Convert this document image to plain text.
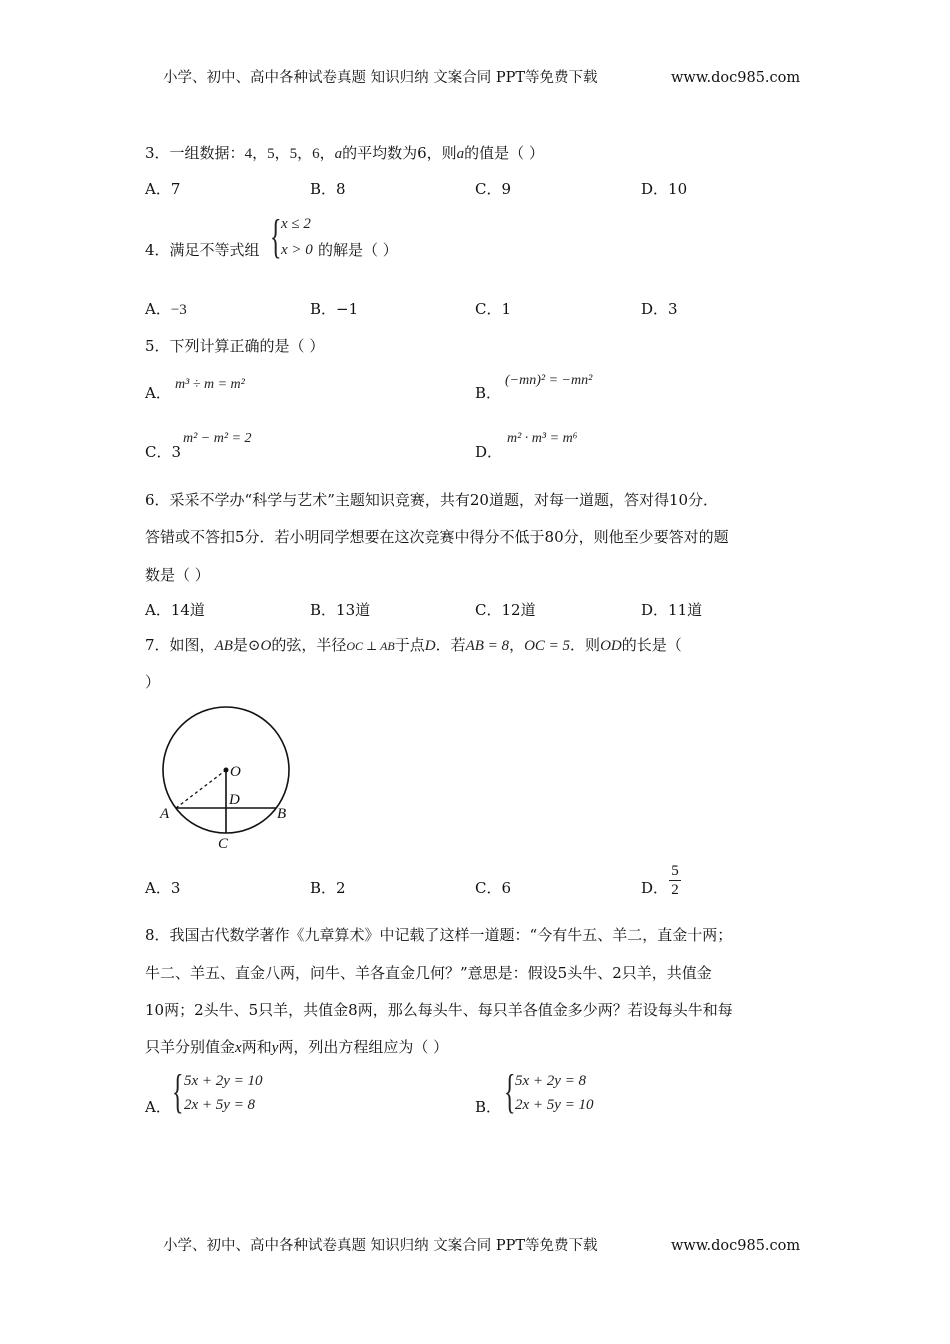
小学、初中、高中各种试卷真题 知识归纳 文案合同 PPT等免费下载	www.doc985.com
3．一组数据：4，5，5，6，a的平均数为6，则a的值是（ ）
A．7	B．8	C．9	D．10
4．满足不等式组 { x ≤ 2
x > 0 的解是（ ）
A．−3	B．−1	C．1	D．3
5．下列计算正确的是（ ）
A． m³ ÷ m = m²	B．
(−mn)² = −mn²
C．3
m² − m² = 2
D．
m² · m³ = m⁶
6．采采不学办“科学与艺术”主题知识竞赛，共有20道题，对每一道题，答对得10分．
答错或不答扣5分．若小明同学想要在这次竞赛中得分不低于80分，则他至少要答对的题
数是（ ）
A．14道	B．13道	C．12道	D．11道
7．如图，AB是⊙O的弦，半径OC ⊥ AB于点D．若AB = 8，OC = 5．则OD的长是（
）
O
D
A	B
C
A．3	B．2	C．6	D．
5
2
8．我国古代数学著作《九章算术》中记载了这样一道题：“今有牛五、羊二，直金十两；
牛二、羊五、直金八两，问牛、羊各直金几何？”意思是：假设5头牛、2只羊，共值金
10两；2头牛、5只羊，共值金8两，那么每头牛、每只羊各值金多少两？若设每头牛和每
只羊分别值金x两和y两，列出方程组应为（ ）
A． { 5x + 2y = 10
2x + 5y = 8	B． { 5x + 2y = 8
2x + 5y = 10
小学、初中、高中各种试卷真题 知识归纳 文案合同 PPT等免费下载	www.doc985.com
